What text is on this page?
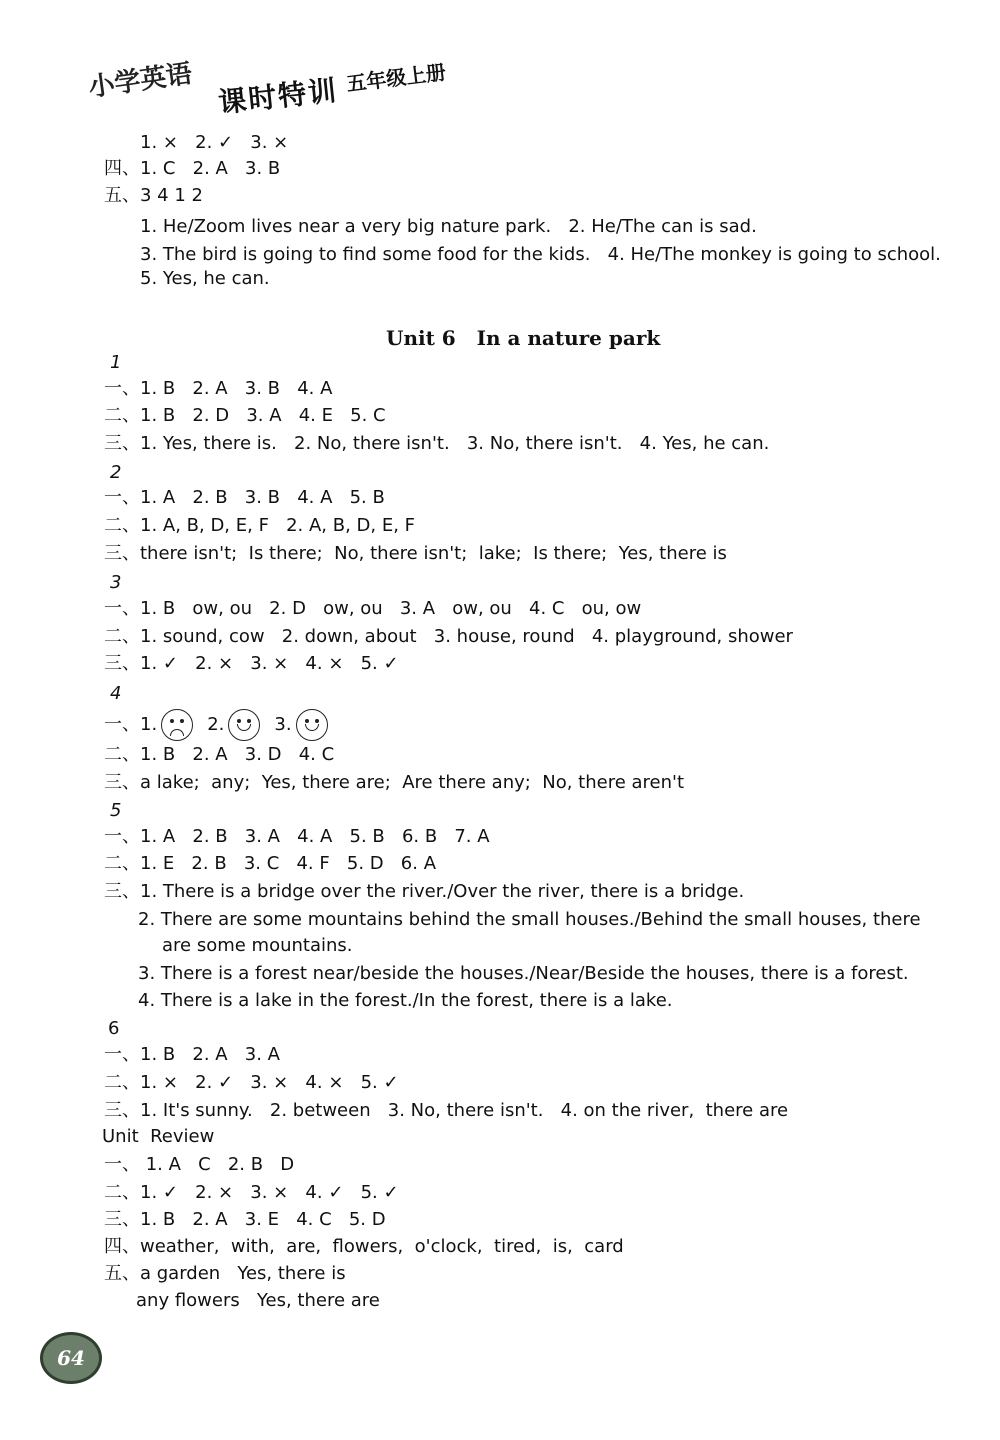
小学英语 课时特训 五年级上册
1. ×   2. ✓   3. ×
四、1. C   2. A   3. B
五、3 4 1 2
1. He/Zoom lives near a very big nature park.   2. He/The can is sad.
3. The bird is going to find some food for the kids.   4. He/The monkey is going to school.
5. Yes, he can.
Unit 6   In a nature park
1
一、1. B   2. A   3. B   4. A
二、1. B   2. D   3. A   4. E   5. C
三、1. Yes, there is.   2. No, there isn't.   3. No, there isn't.   4. Yes, he can.
2
一、1. A   2. B   3. B   4. A   5. B
二、1. A, B, D, E, F   2. A, B, D, E, F
三、there isn't;  Is there;  No, there isn't;  lake;  Is there;  Yes, there is
3
一、1. B   ow, ou   2. D   ow, ou   3. A   ow, ou   4. C   ou, ow
二、1. sound, cow   2. down, about   3. house, round   4. playground, shower
三、1. ✓   2. ×   3. ×   4. ×   5. ✓
4
一、1.	2.	3.
二、1. B   2. A   3. D   4. C
三、a lake;  any;  Yes, there are;  Are there any;  No, there aren't
5
一、1. A   2. B   3. A   4. A   5. B   6. B   7. A
二、1. E   2. B   3. C   4. F   5. D   6. A
三、1. There is a bridge over the river./Over the river, there is a bridge.
2. There are some mountains behind the small houses./Behind the small houses, there
are some mountains.
3. There is a forest near/beside the houses./Near/Beside the houses, there is a forest.
4. There is a lake in the forest./In the forest, there is a lake.
6
一、1. B   2. A   3. A
二、1. ×   2. ✓   3. ×   4. ×   5. ✓
三、1. It's sunny.   2. between   3. No, there isn't.   4. on the river,  there are
Unit  Review
一、 1. A   C   2. B   D
二、1. ✓   2. ×   3. ×   4. ✓   5. ✓
三、1. B   2. A   3. E   4. C   5. D
四、weather,  with,  are,  flowers,  o'clock,  tired,  is,  card
五、a garden   Yes, there is
any flowers   Yes, there are
64
